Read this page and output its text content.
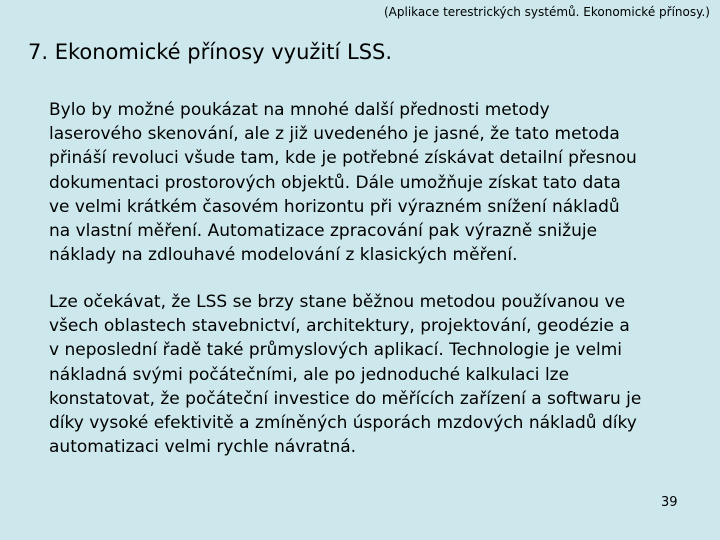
(Aplikace terestrických systémů. Ekonomické přínosy.)
7. Ekonomické přínosy využití LSS.
Bylo by možné poukázat na mnohé další přednosti metody
laserového skenování, ale z již uvedeného je jasné, že tato metoda
přináší revoluci všude tam, kde je potřebné získávat detailní přesnou
dokumentaci prostorových objektů. Dále umožňuje získat tato data
ve velmi krátkém časovém horizontu při výrazném snížení nákladů
na vlastní měření. Automatizace zpracování pak výrazně snižuje
náklady na zdlouhavé modelování z klasických měření.
Lze očekávat, že LSS se brzy stane běžnou metodou používanou ve
všech oblastech stavebnictví, architektury, projektování, geodézie a
v neposlední řadě také průmyslových aplikací. Technologie je velmi
nákladná svými počátečními, ale po jednoduché kalkulaci lze
konstatovat, že počáteční investice do měřících zařízení a softwaru je
díky vysoké efektivitě a zmíněných úsporách mzdových nákladů díky
automatizaci velmi rychle návratná.
39
